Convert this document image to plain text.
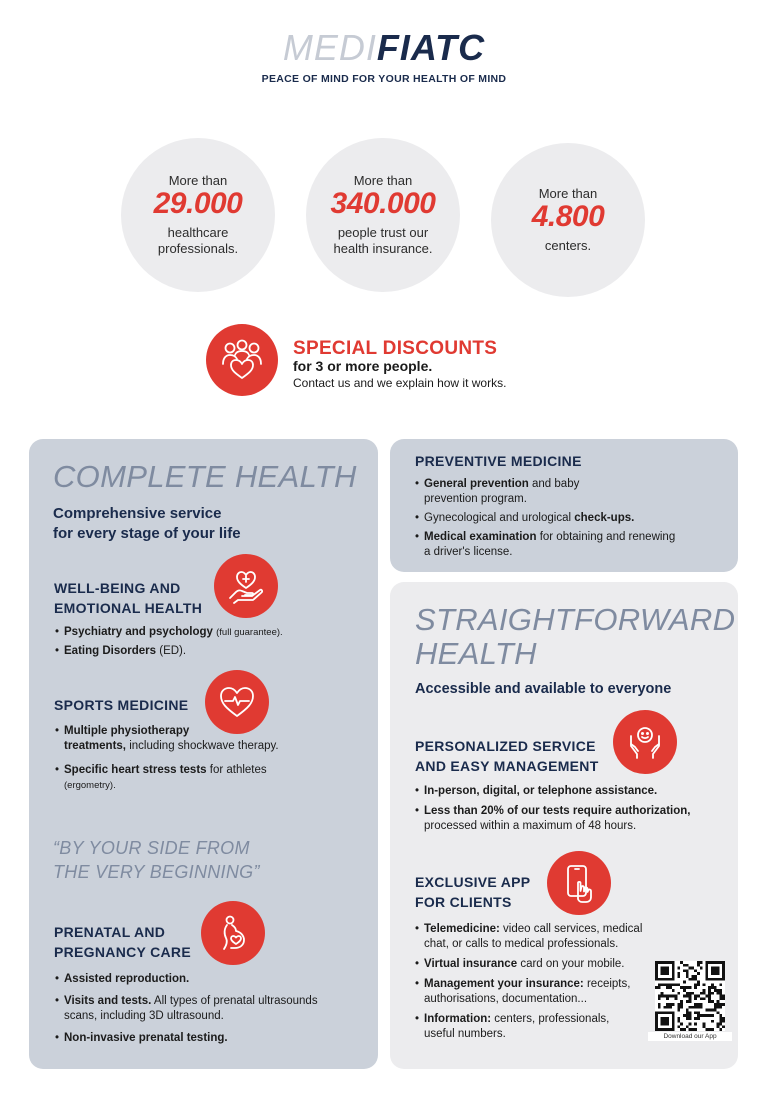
MEDIFIATC
PEACE OF MIND FOR YOUR HEALTH OF MIND
More than
29.000
healthcare
professionals.
More than
340.000
people trust our
health insurance.
More than
4.800
centers.
SPECIAL DISCOUNTS
for 3 or more people.
Contact us and we explain how it works.
COMPLETE HEALTH
Comprehensive service
for every stage of your life
WELL-BEING AND
EMOTIONAL HEALTH
• Psychiatry and psychology (full guarantee).
• Eating Disorders (ED).
SPORTS MEDICINE
• Multiple physiotherapy
treatments, including shockwave therapy.
• Specific heart stress tests for athletes
(ergometry).
“BY YOUR SIDE FROM
THE VERY BEGINNING”
PRENATAL AND
PREGNANCY CARE
• Assisted reproduction.
• Visits and tests. All types of prenatal ultrasounds
scans, including 3D ultrasound.
• Non-invasive prenatal testing.
PREVENTIVE MEDICINE
• General prevention and baby
prevention program.
• Gynecological and urological check-ups.
• Medical examination for obtaining and renewing
a driver's license.
STRAIGHTFORWARD
HEALTH
Accessible and available to everyone
PERSONALIZED SERVICE
AND EASY MANAGEMENT
• In-person, digital, or telephone assistance.
• Less than 20% of our tests require authorization,
processed within a maximum of 48 hours.
EXCLUSIVE APP
FOR CLIENTS
• Telemedicine: video call services, medical
chat, or calls to medical professionals.
• Virtual insurance card on your mobile.
• Management your insurance: receipts,
authorisations, documentation...
• Information: centers, professionals,
useful numbers.	Download our App
